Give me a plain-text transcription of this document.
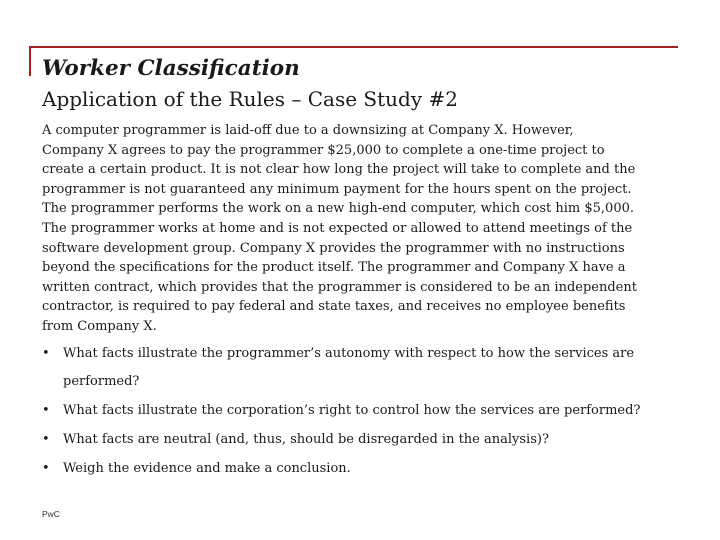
Worker Classification
Application of the Rules – Case Study #2
A computer programmer is laid-off due to a downsizing at Company X. However,
Company X agrees to pay the programmer $25,000 to complete a one-time project to
create a certain product. It is not clear how long the project will take to complete and the
programmer is not guaranteed any minimum payment for the hours spent on the project.
The programmer performs the work on a new high-end computer, which cost him $5,000.
The programmer works at home and is not expected or allowed to attend meetings of the
software development group. Company X provides the programmer with no instructions
beyond the specifications for the product itself. The programmer and Company X have a
written contract, which provides that the programmer is considered to be an independent
contractor, is required to pay federal and state taxes, and receives no employee benefits
from Company X.
• What facts illustrate the programmer’s autonomy with respect to how the services are performed?
• What facts illustrate the corporation’s right to control how the services are performed?
• What facts are neutral (and, thus, should be disregarded in the analysis)?
• Weigh the evidence and make a conclusion.
PwC
